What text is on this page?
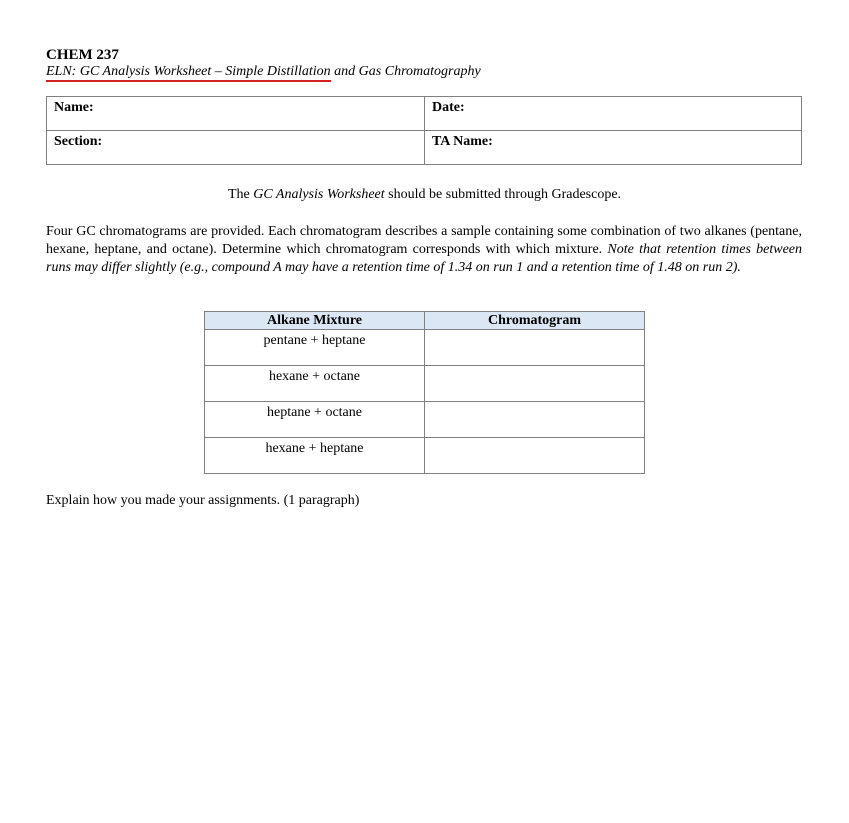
CHEM 237
ELN: GC Analysis Worksheet – Simple Distillation and Gas Chromatography
Name:	Date:
Section:	TA Name:
The GC Analysis Worksheet should be submitted through Gradescope.
Four GC chromatograms are provided. Each chromatogram describes a sample containing some combination of two alkanes (pentane, hexane, heptane, and octane). Determine which chromatogram corresponds with which mixture. Note that retention times between runs may differ slightly (e.g., compound A may have a retention time of 1.34 on run 1 and a retention time of 1.48 on run 2).
Alkane Mixture	Chromatogram
pentane + heptane	
hexane + octane	
heptane + octane	
hexane + heptane	
Explain how you made your assignments. (1 paragraph)
